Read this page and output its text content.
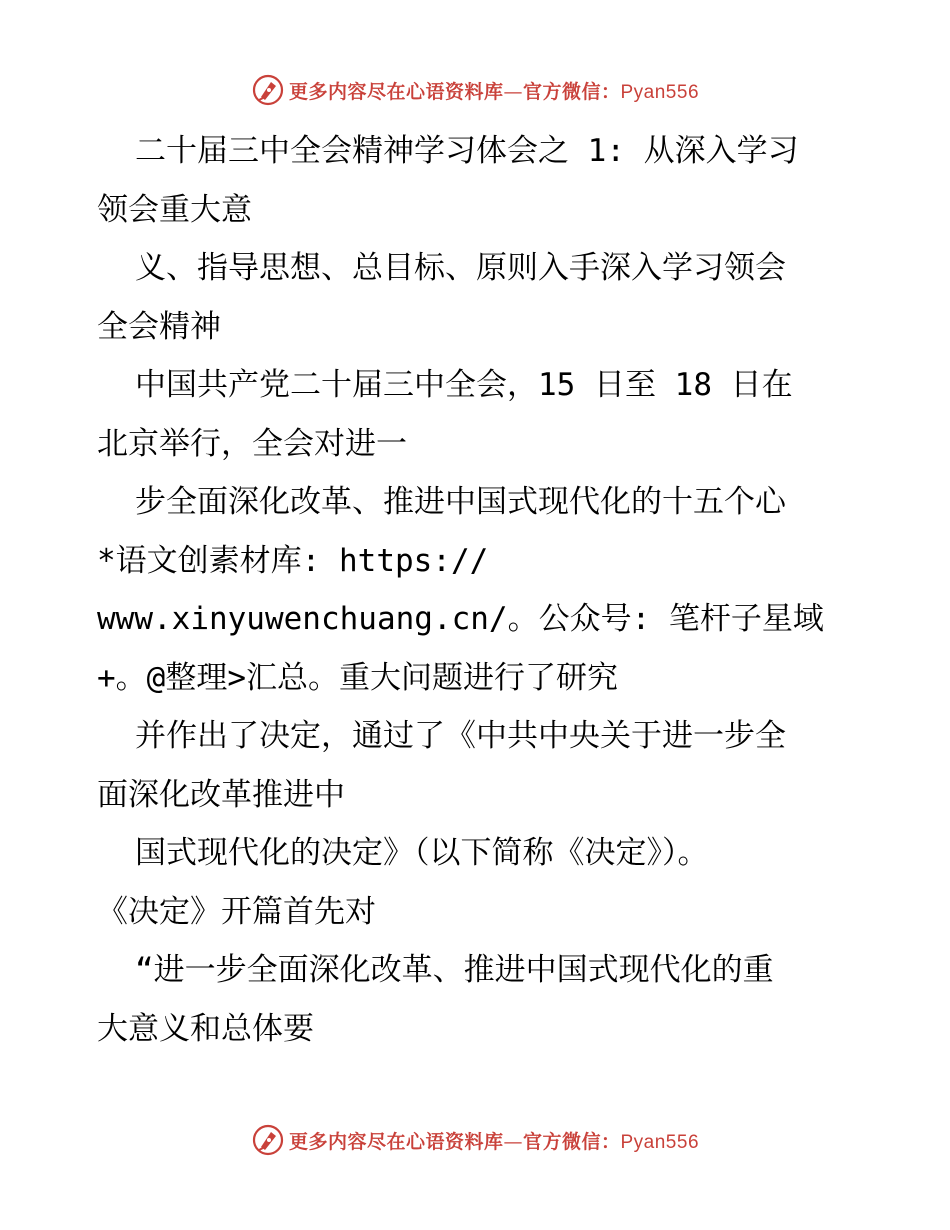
更多内容尽在心语资料库—官方微信：Pyan556
二十届三中全会精神学习体会之 1: 从深入学习
领会重大意
义、指导思想、总目标、原则入手深入学习领会
全会精神
中国共产党二十届三中全会，15 日至 18 日在
北京举行，全会对进一
步全面深化改革、推进中国式现代化的十五个心
*语文创素材库: https://
www.xinyuwenchuang.cn/。公众号: 笔杆子星域
+。@整理>汇总。重大问题进行了研究
并作出了决定，通过了《中共中央关于进一步全
面深化改革推进中
国式现代化的决定》（以下简称《决定》）。
《决定》开篇首先对
“进一步全面深化改革、推进中国式现代化的重
大意义和总体要
更多内容尽在心语资料库—官方微信：Pyan556
